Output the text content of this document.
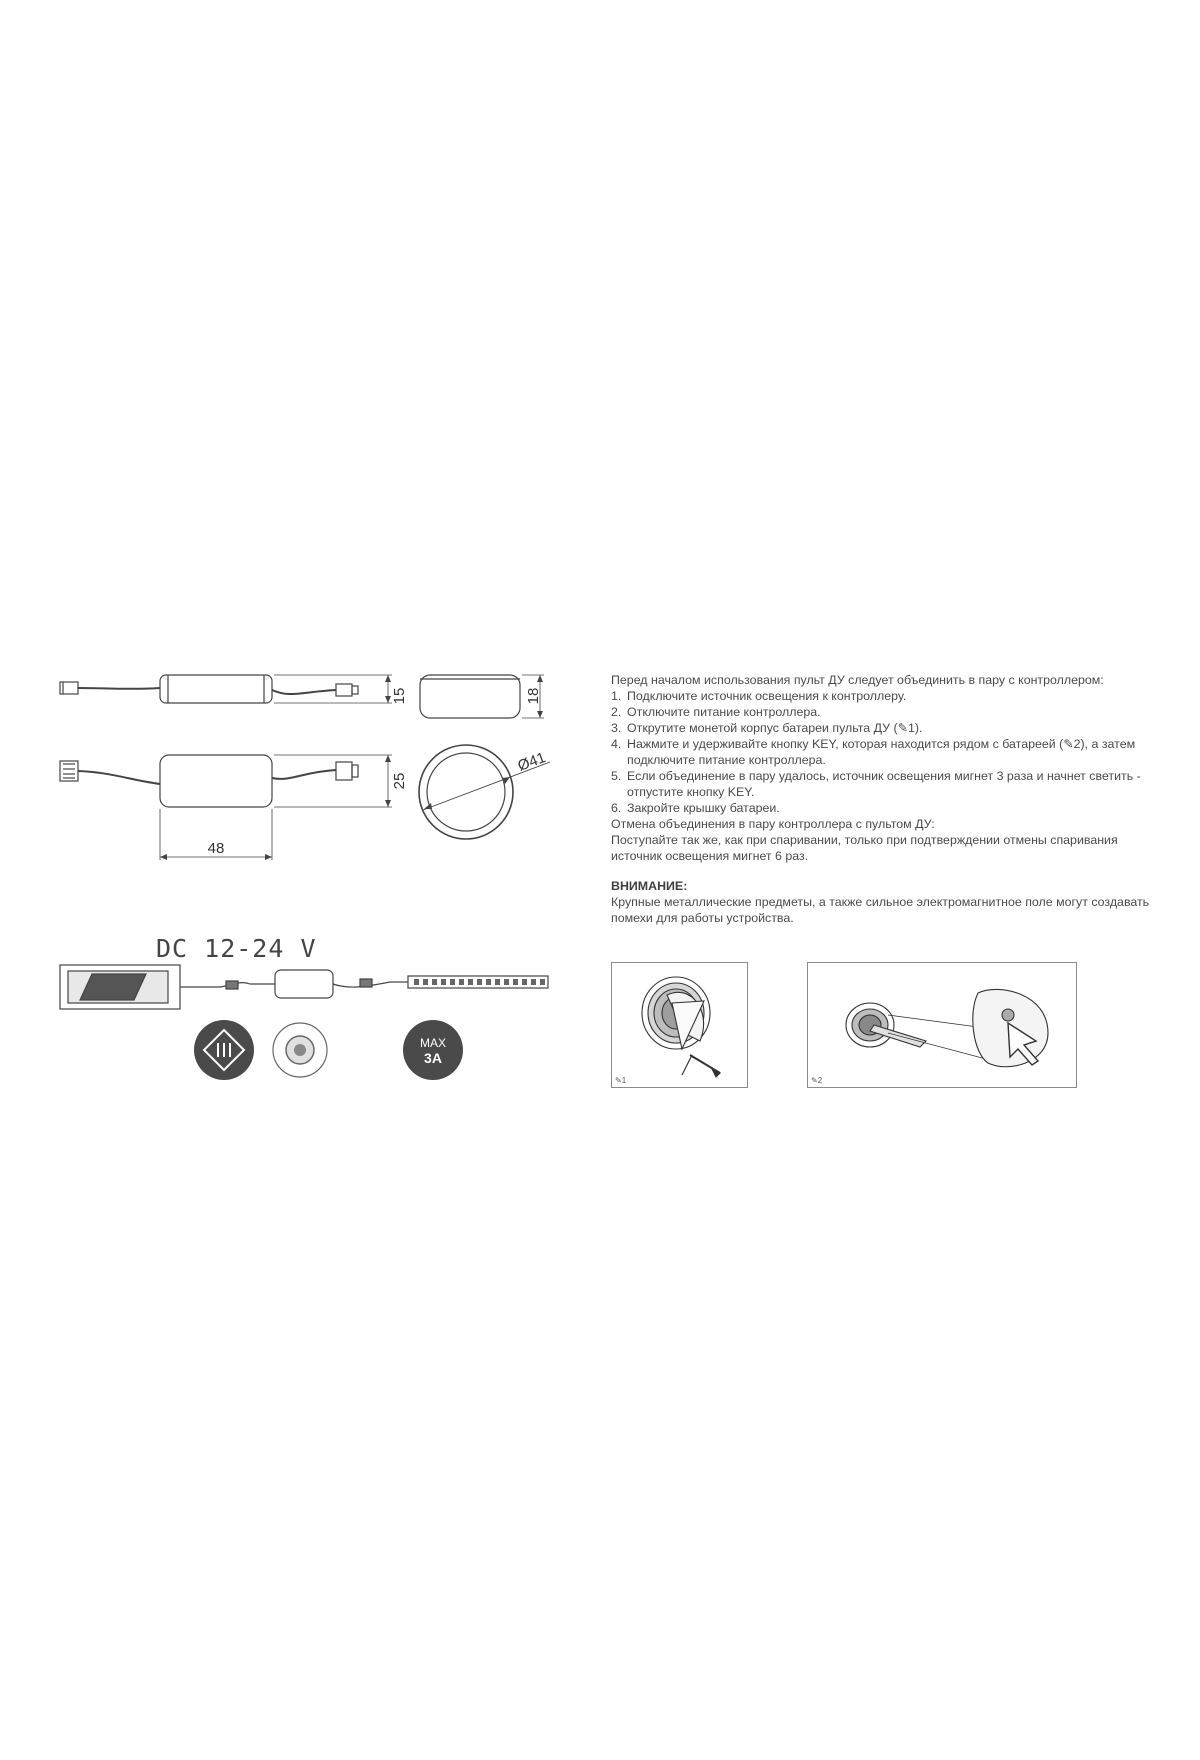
15	18
25
48
Ø41
DC 12-24 V
MAX
3A

Перед началом использования пульт ДУ следует объединить в пару с контроллером:

1. Подключите источник освещения к контроллеру.
2. Отключите питание контроллера.
3. Открутите монетой корпус батареи пульта ДУ (✎1).
4. Нажмите и удерживайте кнопку KEY, которая находится рядом с батареей (✎2), а затем подключите питание контроллера.
5. Если объединение в пару удалось, источник освещения мигнет 3 раза и начнет светить - отпустите кнопку KEY.
6. Закройте крышку батареи.

Отмена объединения в пару контроллера с пультом ДУ:

Поступайте так же, как при спаривании, только при подтверждении отмены спаривания источник освещения мигнет 6 раз.

ВНИМАНИЕ:

Крупные металлические предметы, а также сильное электромагнитное поле могут создавать помехи для работы устройства.

✎1	✎2
